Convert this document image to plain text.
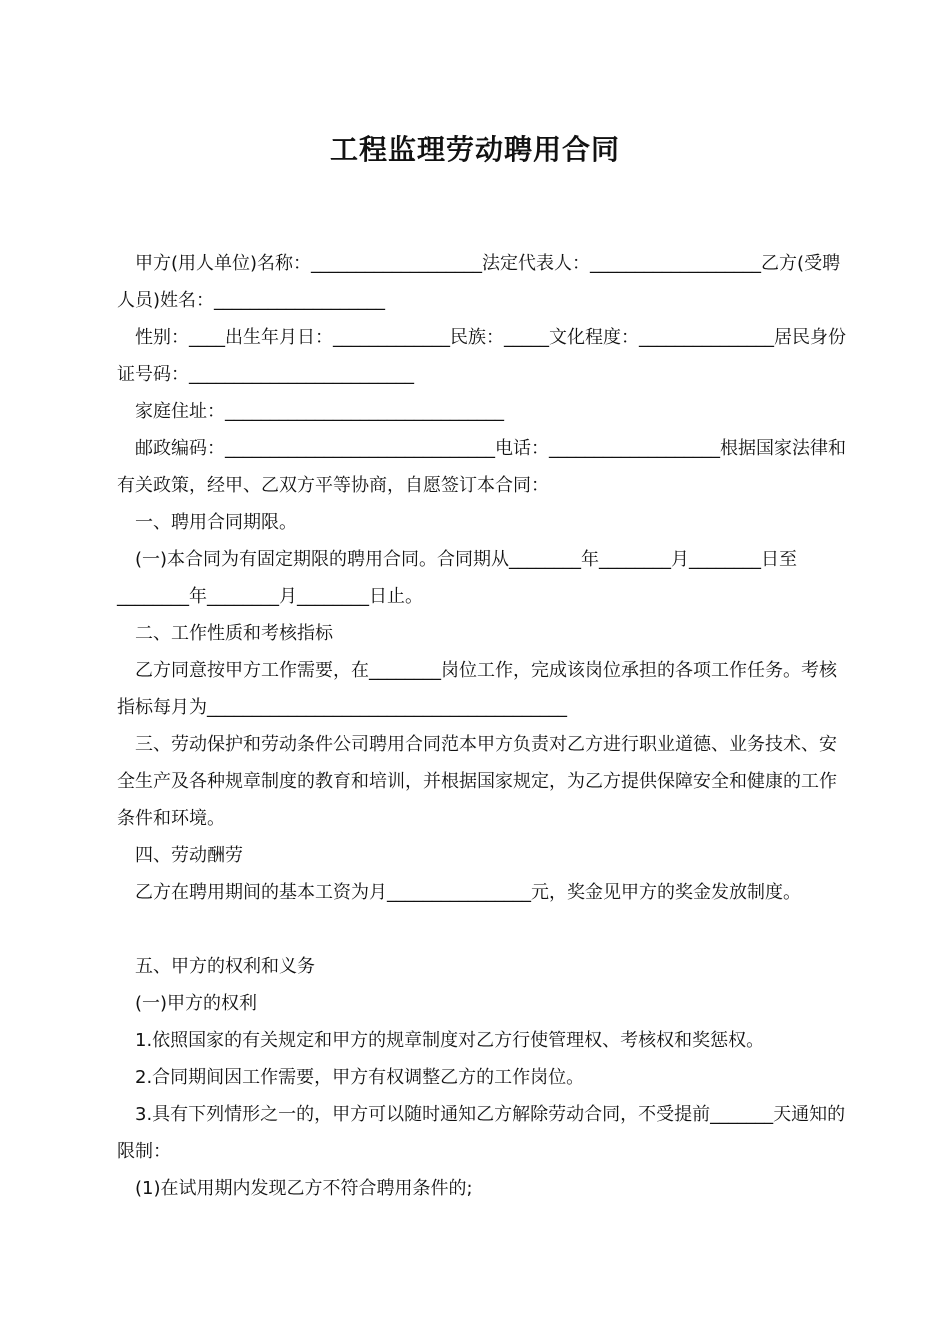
工程监理劳动聘用合同

甲方(用人单位)名称：___________________法定代表人：___________________乙方(受聘人员)姓名：___________________

性别：____出生年月日：_____________民族：_____文化程度：_______________居民身份证号码：_________________________

家庭住址：_______________________________

邮政编码：______________________________电话：___________________根据国家法律和有关政策，经甲、乙双方平等协商，自愿签订本合同：

一、聘用合同期限。

(一)本合同为有固定期限的聘用合同。合同期从________年________月________日至________年________月________日止。

二、工作性质和考核指标

乙方同意按甲方工作需要，在________岗位工作，完成该岗位承担的各项工作任务。考核指标每月为________________________________________

三、劳动保护和劳动条件公司聘用合同范本甲方负责对乙方进行职业道德、业务技术、安全生产及各种规章制度的教育和培训，并根据国家规定，为乙方提供保障安全和健康的工作条件和环境。

四、劳动酬劳

乙方在聘用期间的基本工资为月________________元，奖金见甲方的奖金发放制度。

五、甲方的权利和义务

(一)甲方的权利

1.依照国家的有关规定和甲方的规章制度对乙方行使管理权、考核权和奖惩权。

2.合同期间因工作需要，甲方有权调整乙方的工作岗位。

3.具有下列情形之一的，甲方可以随时通知乙方解除劳动合同，不受提前_______天通知的限制：

(1)在试用期内发现乙方不符合聘用条件的;
